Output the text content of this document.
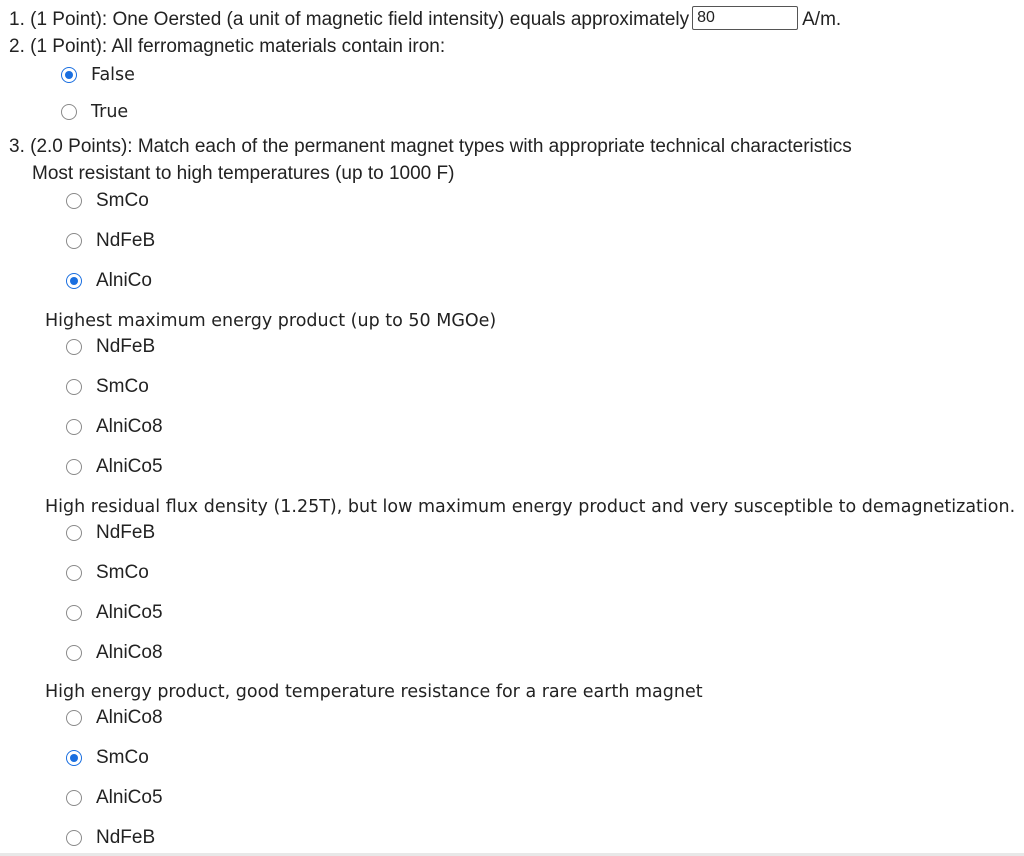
1. (1 Point): One Oersted (a unit of magnetic field intensity) equals approximately80	A/m.
2. (1 Point): All ferromagnetic materials contain iron:
False
True
3. (2.0 Points): Match each of the permanent magnet types with appropriate technical characteristics
Most resistant to high temperatures (up to 1000 F)
SmCo
NdFeB
AlniCo
Highest maximum energy product (up to 50 MGOe)
NdFeB
SmCo
AlniCo8
AlniCo5
High residual flux density (1.25T), but low maximum energy product and very susceptible to demagnetization.
NdFeB
SmCo
AlniCo5
AlniCo8
High energy product, good temperature resistance for a rare earth magnet
AlniCo8
SmCo
AlniCo5
NdFeB
